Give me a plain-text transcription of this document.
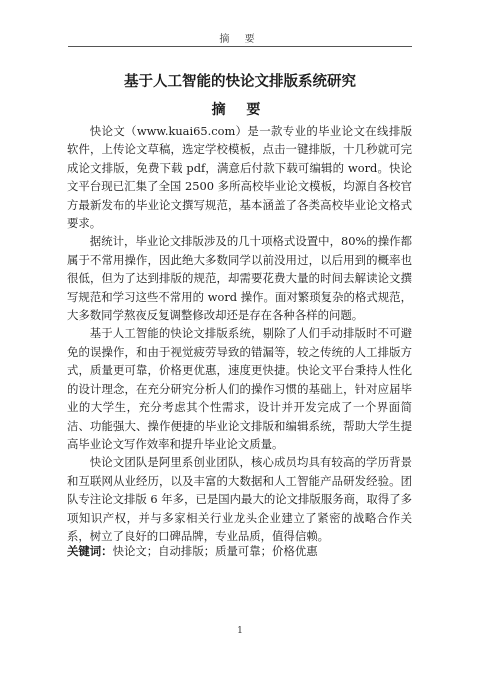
摘 要
基于人工智能的快论文排版系统研究
摘 要

快论文（www.kuai65.com）是一款专业的毕业论文在线排版软件，上传论文草稿，选定学校模板，点击一键排版，十几秒就可完成论文排版，免费下载 pdf，满意后付款下载可编辑的 word。快论文平台现已汇集了全国 2500 多所高校毕业论文模板，均源自各校官方最新发布的毕业论文撰写规范，基本涵盖了各类高校毕业论文格式要求。

据统计，毕业论文排版涉及的几十项格式设置中，80%的操作都属于不常用操作，因此绝大多数同学以前没用过，以后用到的概率也很低，但为了达到排版的规范，却需要花费大量的时间去解读论文撰写规范和学习这些不常用的 word 操作。面对繁琐复杂的格式规范，大多数同学熬夜反复调整修改却还是存在各种各样的问题。

基于人工智能的快论文排版系统，剔除了人们手动排版时不可避免的误操作，和由于视觉疲劳导致的错漏等，较之传统的人工排版方式，质量更可靠，价格更优惠，速度更快捷。快论文平台秉持人性化的设计理念，在充分研究分析人们的操作习惯的基础上，针对应届毕业的大学生，充分考虑其个性需求，设计并开发完成了一个界面简洁、功能强大、操作便捷的毕业论文排版和编辑系统，帮助大学生提高毕业论文写作效率和提升毕业论文质量。

快论文团队是阿里系创业团队，核心成员均具有较高的学历背景和互联网从业经历，以及丰富的大数据和人工智能产品研发经验。团队专注论文排版 6 年多，已是国内最大的论文排版服务商，取得了多项知识产权，并与多家相关行业龙头企业建立了紧密的战略合作关系，树立了良好的口碑品牌，专业品质，值得信赖。

关键词：快论文；自动排版；质量可靠；价格优惠
1
